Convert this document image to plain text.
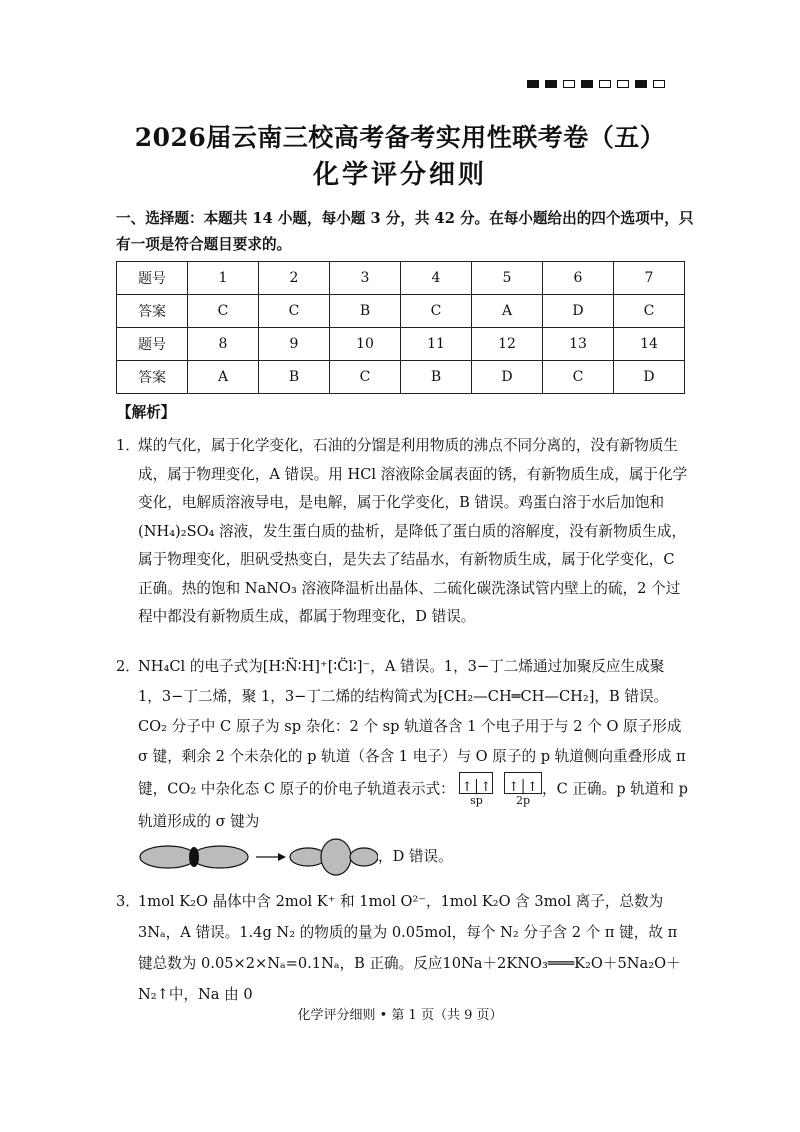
2026届云南三校高考备考实用性联考卷（五）
化学评分细则
一、选择题：本题共 14 小题，每小题 3 分，共 42 分。在每小题给出的四个选项中，只有一项是符合题目要求的。
题号	1	2	3	4	5	6	7
答案	C	C	B	C	A	D	C
题号	8	9	10	11	12	13	14
答案	A	B	C	B	D	C	D
【解析】
1．
煤的气化，属于化学变化，石油的分馏是利用物质的沸点不同分离的，没有新物质生成，属于物理变化，A 错误。用 HCl 溶液除金属表面的锈，有新物质生成，属于化学变化，电解质溶液导电，是电解，属于化学变化，B 错误。鸡蛋白溶于水后加饱和(NH₄)₂SO₄ 溶液，发生蛋白质的盐析，是降低了蛋白质的溶解度，没有新物质生成，属于物理变化，胆矾受热变白，是失去了结晶水，有新物质生成，属于化学变化，C 正确。热的饱和 NaNO₃ 溶液降温析出晶体、二硫化碳洗涤试管内壁上的硫，2 个过程中都没有新物质生成，都属于物理变化，D 错误。
2．
NH₄Cl 的电子式为[H∶N̈∶H]⁺[∶C̈l∶]⁻，A 错误。1，3−丁二烯通过加聚反应生成聚 1，3−丁二烯，聚 1，3−丁二烯的结构简式为⁅CH₂—CH═CH—CH₂⁆，B 错误。CO₂ 分子中 C 原子为 sp 杂化：2 个 sp 轨道各含 1 个电子用于与 2 个 O 原子形成 σ 键，剩余 2 个未杂化的 p 轨道（各含 1 电子）与 O 原子的 p 轨道侧向重叠形成 π 键，CO₂ 中杂化态 C 原子的价电子轨道表示式： ↑│↑
sp

↑│↑
2p
，C 正确。p 轨道和 p 轨道形成的 σ 键为
，D 错误。
3．
1mol K₂O 晶体中含 2mol K⁺ 和 1mol O²⁻，1mol K₂O 含 3mol 离子，总数为 3Nₐ，A 错误。1.4g N₂ 的物质的量为 0.05mol，每个 N₂ 分子含 2 个 π 键，故 π 键总数为 0.05×2×Nₐ=0.1Nₐ，B 正确。反应10Na＋2KNO₃═══K₂O＋5Na₂O＋N₂↑中，Na 由 0
化学评分细则 • 第 1 页（共 9 页）
